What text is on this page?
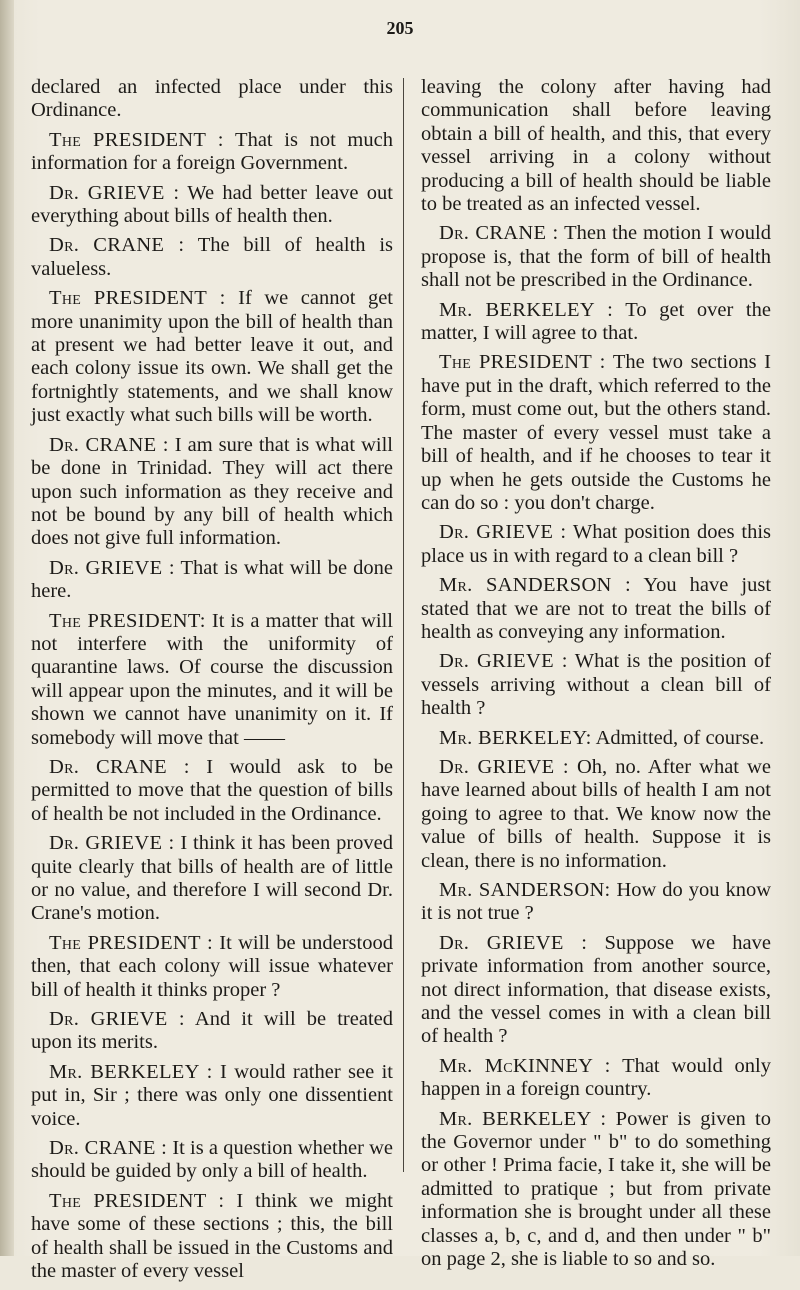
205

declared an infected place under this Ordinance.

The PRESIDENT : That is not much information for a foreign Government.

Dr. GRIEVE : We had better leave out everything about bills of health then.

Dr. CRANE : The bill of health is valueless.

The PRESIDENT : If we cannot get more unanimity upon the bill of health than at present we had better leave it out, and each colony issue its own. We shall get the fortnightly statements, and we shall know just exactly what such bills will be worth.

Dr. CRANE : I am sure that is what will be done in Trinidad. They will act there upon such information as they receive and not be bound by any bill of health which does not give full information.

Dr. GRIEVE : That is what will be done here.

The PRESIDENT: It is a matter that will not interfere with the uniformity of quarantine laws. Of course the discussion will appear upon the minutes, and it will be shown we cannot have unanimity on it. If somebody will move that ——

Dr. CRANE : I would ask to be permitted to move that the question of bills of health be not included in the Ordinance.

Dr. GRIEVE : I think it has been proved quite clearly that bills of health are of little or no value, and therefore I will second Dr. Crane's motion.

The PRESIDENT : It will be understood then, that each colony will issue whatever bill of health it thinks proper ?

Dr. GRIEVE : And it will be treated upon its merits.

Mr. BERKELEY : I would rather see it put in, Sir ; there was only one dissentient voice.

Dr. CRANE : It is a question whether we should be guided by only a bill of health.

The PRESIDENT : I think we might have some of these sections ; this, the bill of health shall be issued in the Customs and the master of every vessel

leaving the colony after having had communication shall before leaving obtain a bill of health, and this, that every vessel arriving in a colony without producing a bill of health should be liable to be treated as an infected vessel.

Dr. CRANE : Then the motion I would propose is, that the form of bill of health shall not be prescribed in the Ordinance.

Mr. BERKELEY : To get over the matter, I will agree to that.

The PRESIDENT : The two sections I have put in the draft, which referred to the form, must come out, but the others stand. The master of every vessel must take a bill of health, and if he chooses to tear it up when he gets outside the Customs he can do so : you don't charge.

Dr. GRIEVE : What position does this place us in with regard to a clean bill ?

Mr. SANDERSON : You have just stated that we are not to treat the bills of health as conveying any information.

Dr. GRIEVE : What is the position of vessels arriving without a clean bill of health ?

Mr. BERKELEY: Admitted, of course.

Dr. GRIEVE : Oh, no. After what we have learned about bills of health I am not going to agree to that. We know now the value of bills of health. Suppose it is clean, there is no information.

Mr. SANDERSON: How do you know it is not true ?

Dr. GRIEVE : Suppose we have private information from another source, not direct information, that disease exists, and the vessel comes in with a clean bill of health ?

Mr. McKINNEY : That would only happen in a foreign country.

Mr. BERKELEY : Power is given to the Governor under " b" to do something or other ! Prima facie, I take it, she will be admitted to pratique ; but from private information she is brought under all these classes a, b, c, and d, and then under " b" on page 2, she is liable to so and so.
